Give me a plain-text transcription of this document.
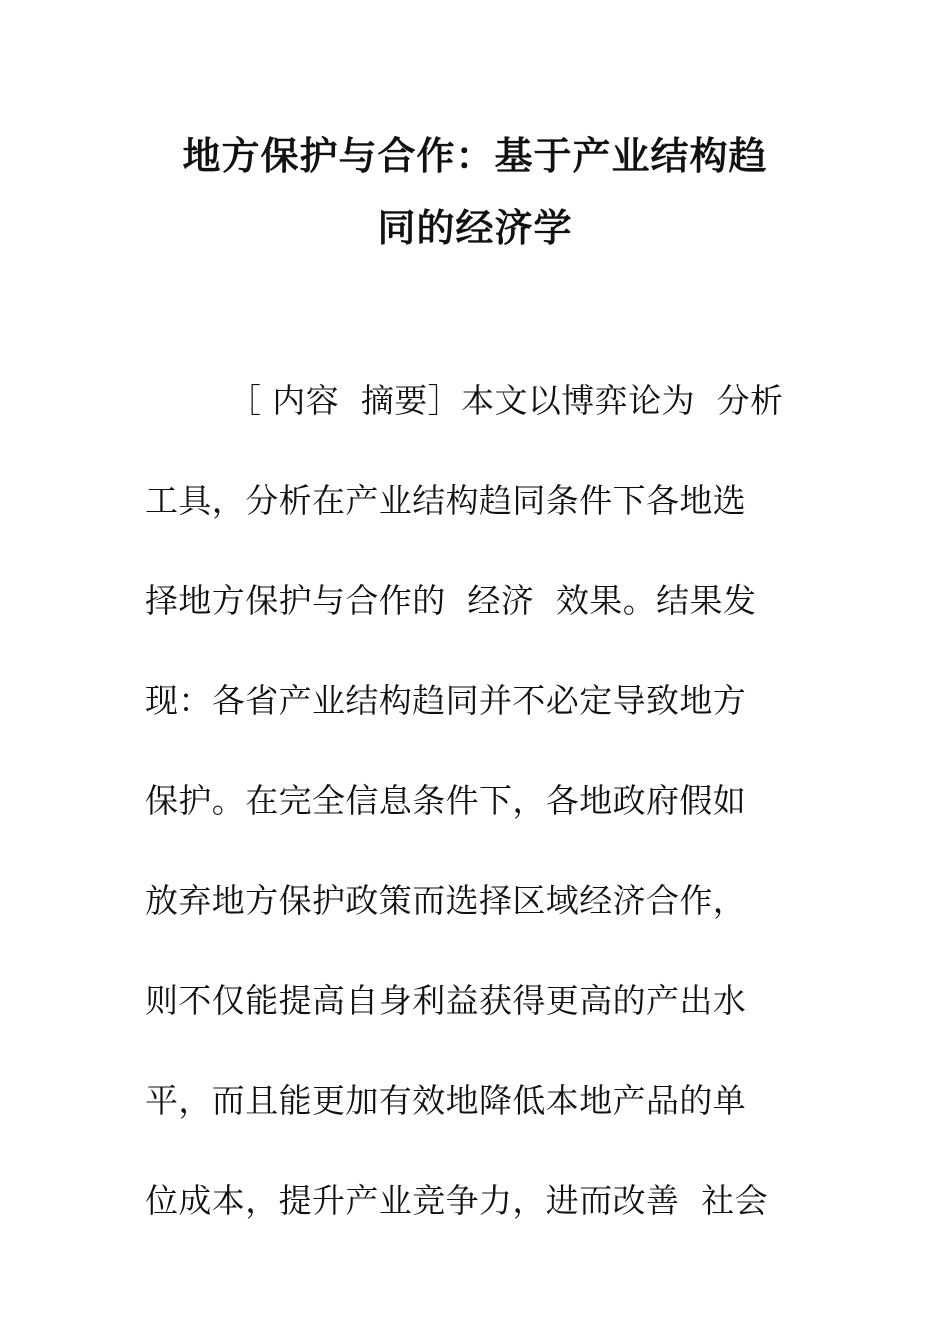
地方保护与合作：基于产业结构趋
同的经济学
［ 内容  摘要］本文以博弈论为  分析
工具，分析在产业结构趋同条件下各地选
择地方保护与合作的  经济  效果。结果发
现：各省产业结构趋同并不必定导致地方
保护。在完全信息条件下，各地政府假如
放弃地方保护政策而选择区域经济合作，
则不仅能提高自身利益获得更高的产出水
平，而且能更加有效地降低本地产品的单
位成本，提升产业竞争力，进而改善  社会
